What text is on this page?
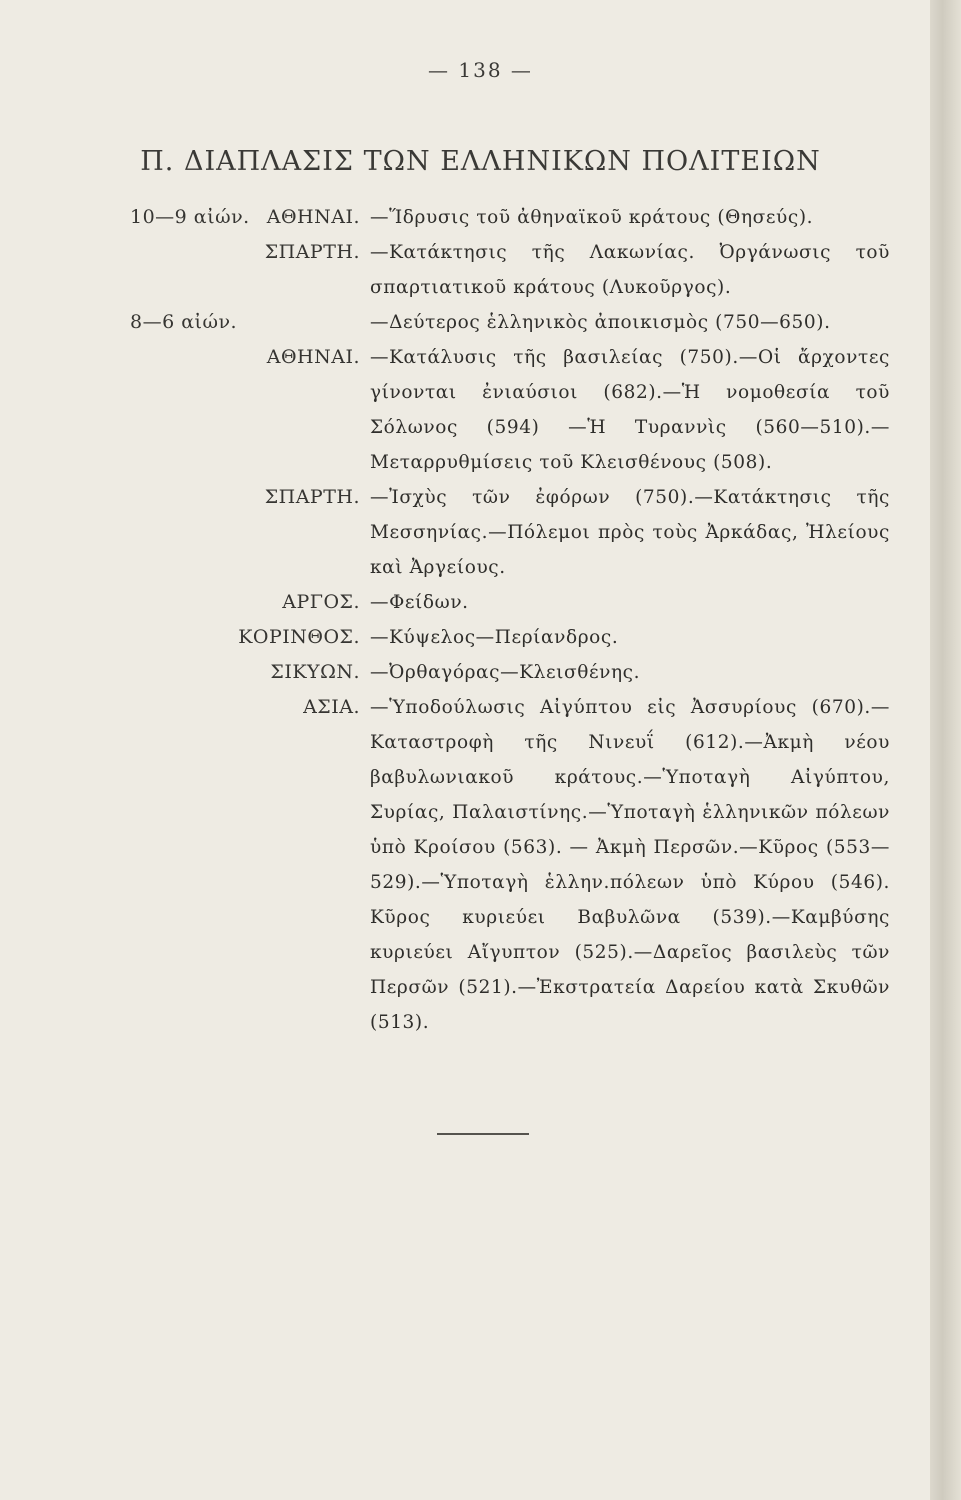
— 138 —
Π. ΔΙΑΠΛΑΣΙΣ ΤΩΝ ΕΛΛΗΝΙΚΩΝ ΠΟΛΙΤΕΙΩΝ
10—9 αἰών. ΑΘΗΝΑΙ. —Ἵδρυσις τοῦ ἀθηναϊκοῦ κράτους (Θησεύς).
ΣΠΑΡΤΗ. —Κατάκτησις τῆς Λακωνίας. Ὀργάνωσις τοῦ σπαρτιατικοῦ κράτους (Λυκοῦργος).
8—6 αἰών.	—Δεύτερος ἑλληνικὸς ἀποικισμὸς (750—650).
ΑΘΗΝΑΙ. —Κατάλυσις τῆς βασιλείας (750).—Οἱ ἄρχοντες γίνονται ἐνιαύσιοι (682).—Ἡ νομοθεσία τοῦ Σόλωνος (594) —Ἡ Τυραννὶς (560—510).—Μεταρρυθμίσεις τοῦ Κλεισθένους (508).
ΣΠΑΡΤΗ. —Ἰσχὺς τῶν ἐφόρων (750).—Κατάκτησις τῆς Μεσσηνίας.—Πόλεμοι πρὸς τοὺς Ἀρκάδας, Ἠλείους καὶ Ἀργείους.
ΑΡΓΟΣ. —Φείδων.
ΚΟΡΙΝΘΟΣ. —Κύψελος—Περίανδρος.
ΣΙΚΥΩΝ. —Ὀρθαγόρας—Κλεισθένης.
ΑΣΙΑ. —Ὑποδούλωσις Αἰγύπτου εἰς Ἀσσυρίους (670).—Καταστροφὴ τῆς Νινευΐ (612).—Ἀκμὴ νέου βαβυλωνιακοῦ κράτους.—Ὑποταγὴ Αἰγύπτου, Συρίας, Παλαιστίνης.—Ὑποταγὴ ἑλληνικῶν πόλεων ὑπὸ Κροίσου (563). — Ἀκμὴ Περσῶν.—Κῦρος (553—529).—Ὑποταγὴ ἑλλην.πόλεων ὑπὸ Κύρου (546). Κῦρος κυριεύει Βαβυλῶνα (539).—Καμβύσης κυριεύει Αἴγυπτον (525).—Δαρεῖος βασιλεὺς τῶν Περσῶν (521).—Ἐκστρατεία Δαρείου κατὰ Σκυθῶν (513).
